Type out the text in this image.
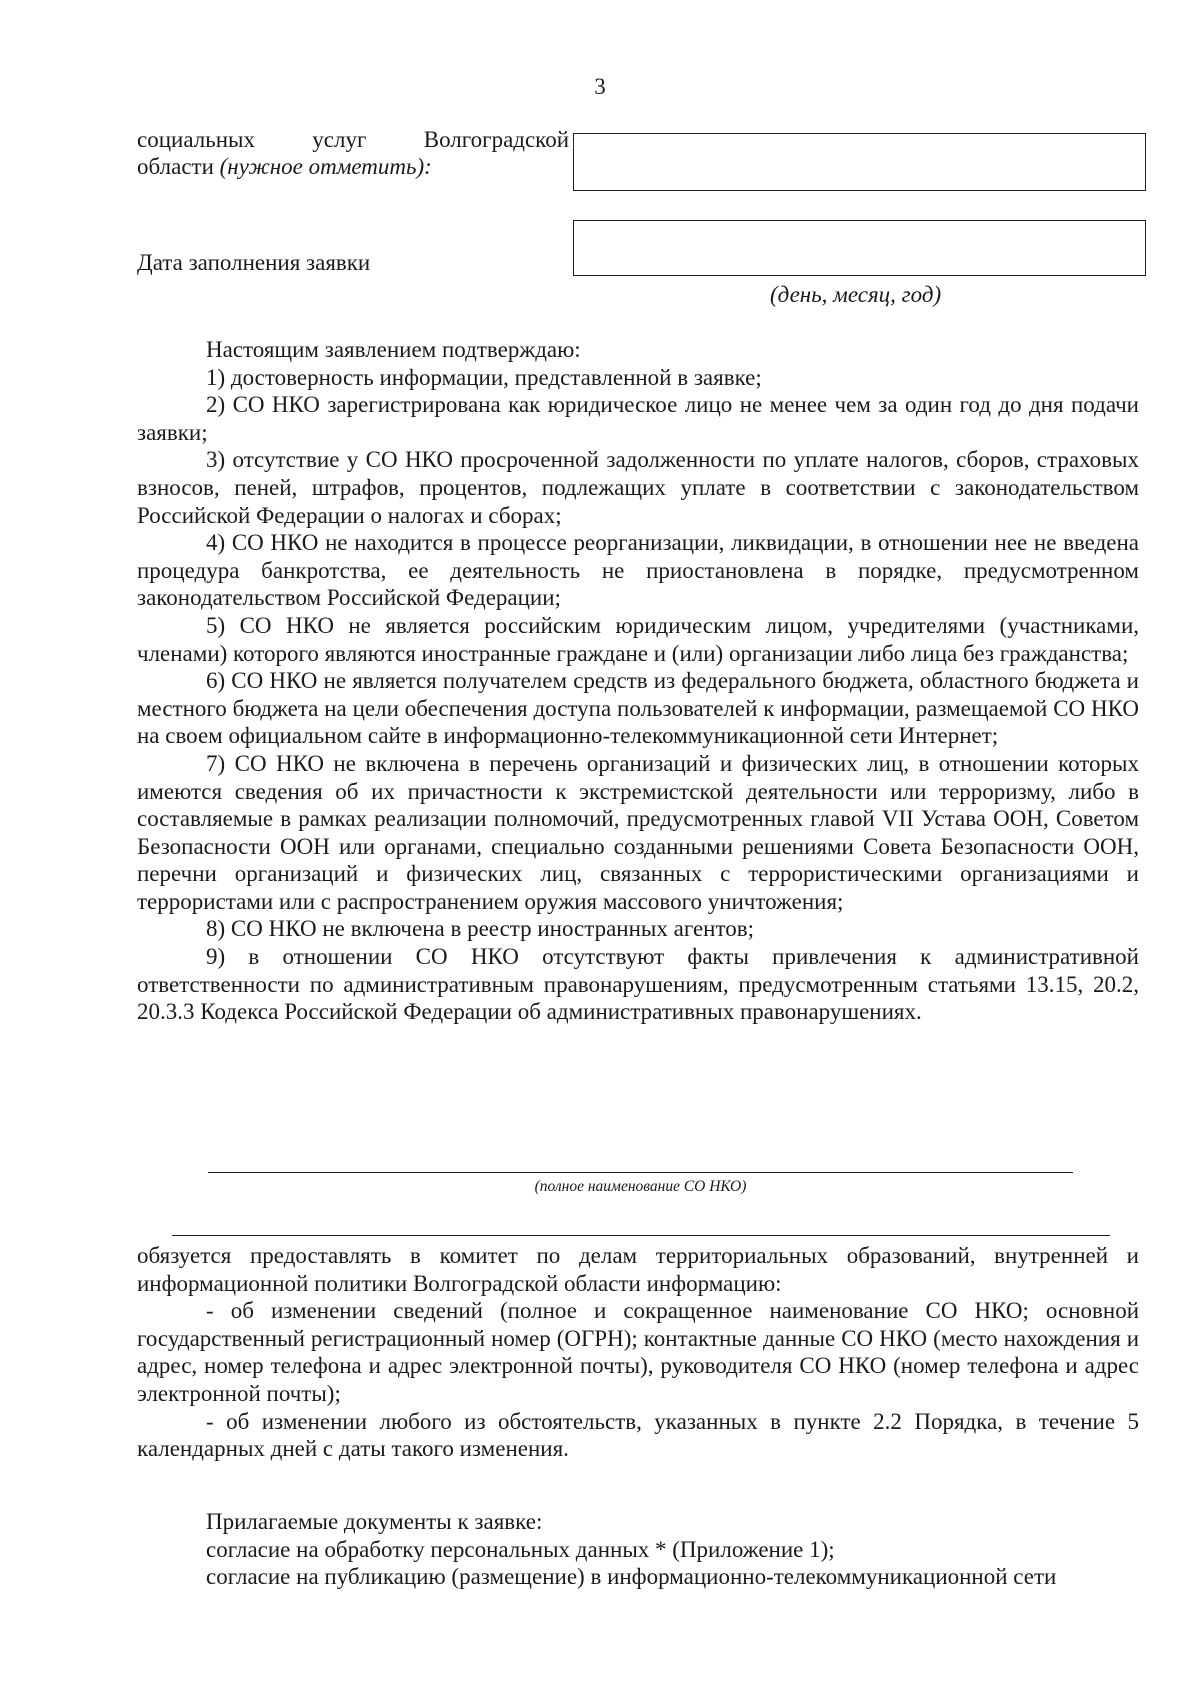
3
социальных      услуг      Волгоградской
области (нужное отметить):
Дата заполнения заявки
(день, месяц, год)

Настоящим заявлением подтверждаю:

1) достоверность информации, представленной в заявке;

2) СО НКО зарегистрирована как юридическое лицо не менее чем за один год до дня подачи заявки;

3) отсутствие у СО НКО просроченной задолженности по уплате налогов, сборов, страховых взносов, пеней, штрафов, процентов, подлежащих уплате в соответствии с законодательством Российской Федерации о налогах и сборах;

4) СО НКО не находится в процессе реорганизации, ликвидации, в отношении нее не введена процедура банкротства, ее деятельность не приостановлена в порядке, предусмотренном законодательством Российской Федерации;

5) СО НКО не является российским юридическим лицом, учредителями (участниками, членами) которого являются иностранные граждане и (или) организации либо лица без гражданства;

6) СО НКО не является получателем средств из федерального бюджета, областного бюджета и местного бюджета на цели обеспечения доступа пользователей к информации, размещаемой СО НКО на своем официальном сайте в информационно-телекоммуникационной сети Интернет;

7) СО НКО не включена в перечень организаций и физических лиц, в отношении которых имеются сведения об их причастности к экстремистской деятельности или терроризму, либо в составляемые в рамках реализации полномочий, предусмотренных главой VII Устава ООН, Советом Безопасности ООН или органами, специально созданными решениями Совета Безопасности ООН, перечни организаций и физических лиц, связанных с террористическими организациями и террористами или с распространением оружия массового уничтожения;

8) СО НКО не включена в реестр иностранных агентов;

9) в отношении СО НКО отсутствуют факты привлечения к административной ответственности по административным правонарушениям, предусмотренным статьями 13.15, 20.2, 20.3.3 Кодекса Российской Федерации об административных правонарушениях.

(полное наименование СО НКО)

обязуется предоставлять в комитет по делам территориальных образований, внутренней и информационной политики Волгоградской области информацию:

- об изменении сведений (полное и сокращенное наименование СО НКО; основной государственный регистрационный номер (ОГРН); контактные данные СО НКО (место нахождения и адрес, номер телефона и адрес электронной почты), руководителя СО НКО (номер телефона и адрес электронной почты);

- об изменении любого из обстоятельств, указанных в пункте 2.2 Порядка, в течение 5 календарных дней с даты такого изменения.

Прилагаемые документы к заявке:

согласие на обработку персональных данных * (Приложение 1);

согласие на публикацию (размещение) в информационно-телекоммуникационной сети
